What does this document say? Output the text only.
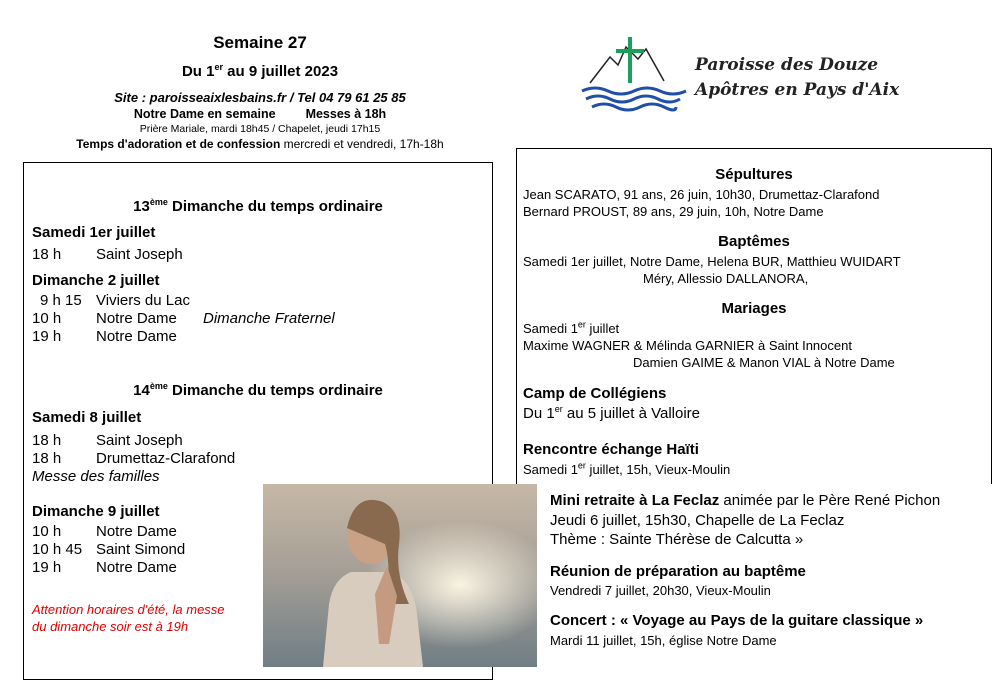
Semaine 27
Du 1er au 9 juillet 2023
Site : paroisseaixlesbains.fr / Tel 04 79 61 25 85
Notre Dame en semaine Messes à 18h
Prière Mariale, mardi 18h45 / Chapelet, jeudi 17h15
Temps d'adoration et de confession mercredi et vendredi, 17h-18h
Paroisse des Douze
Apôtres en Pays d'Aix
13ème Dimanche du temps ordinaire
Samedi 1er juillet
18 h Saint Joseph
Dimanche 2 juillet
9 h 15 Viviers du Lac
10 h Notre Dame Dimanche Fraternel
19 h Notre Dame
14ème Dimanche du temps ordinaire
Samedi 8 juillet
18 h Saint Joseph
18 h Drumettaz-Clarafond
Messe des familles
Dimanche 9 juillet
10 h Notre Dame
10 h 45 Saint Simond
19 h Notre Dame
Attention horaires d'été, la messe
du dimanche soir est à 19h
Sépultures
Jean SCARATO, 91 ans, 26 juin, 10h30, Drumettaz-Clarafond
Bernard PROUST, 89 ans, 29 juin, 10h, Notre Dame
Baptêmes
Samedi 1er juillet, Notre Dame, Helena BUR, Matthieu WUIDART
Méry, Allessio DALLANORA,
Mariages
Samedi 1er juillet
Maxime WAGNER & Mélinda GARNIER à Saint Innocent
Damien GAIME & Manon VIAL à Notre Dame
Camp de Collégiens
Du 1er au 5 juillet à Valloire
Rencontre échange Haïti
Samedi 1er juillet, 15h, Vieux-Moulin
Mini retraite à La Feclaz animée par le Père René Pichon
Jeudi 6 juillet, 15h30, Chapelle de La Feclaz
Thème : Sainte Thérèse de Calcutta »
Réunion de préparation au baptême
Vendredi 7 juillet, 20h30, Vieux-Moulin
Concert : « Voyage au Pays de la guitare classique »
Mardi 11 juillet, 15h, église Notre Dame
